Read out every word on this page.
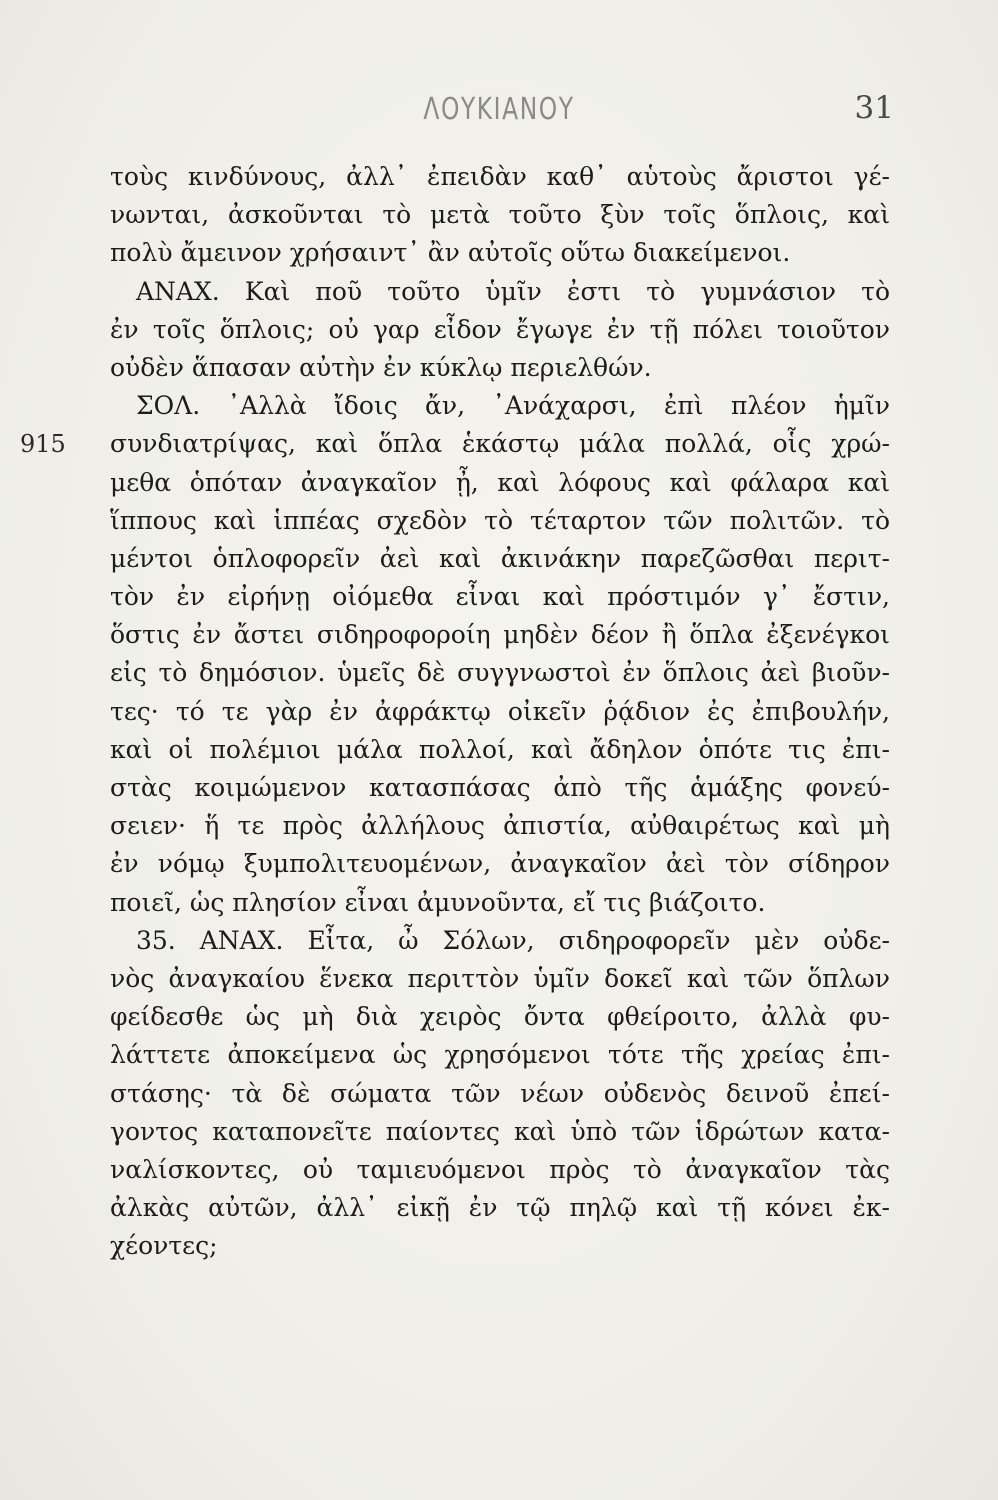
ΛΟΥΚΙΑΝΟΥ	31
τοὺς κινδύνους, ἀλλ᾽ ἐπειδὰν καθ᾽ αὑτοὺς ἄριστοι γέ-
νωνται, ἀσκοῦνται τὸ μετὰ τοῦτο ξὺν τοῖς ὅπλοις, καὶ
πολὺ ἄμεινον χρήσαιντ᾽ ἂν αὐτοῖς οὕτω διακείμενοι.
ΑΝΑΧ. Καὶ ποῦ τοῦτο ὑμῖν ἐστι τὸ γυμνάσιον τὸ
ἐν τοῖς ὅπλοις; οὐ γαρ εἶδον ἔγωγε ἐν τῇ πόλει τοιοῦτον
οὐδὲν ἅπασαν αὐτὴν ἐν κύκλῳ περιελθών.
ΣΟΛ. ᾿Αλλὰ ἴδοις ἄν, ᾿Ανάχαρσι, ἐπὶ πλέον ἡμῖν
915 συνδιατρίψας, καὶ ὅπλα ἑκάστῳ μάλα πολλά, οἷς χρώ-
μεθα ὁπόταν ἀναγκαῖον ᾖ, καὶ λόφους καὶ φάλαρα καὶ
ἵππους καὶ ἱππέας σχεδὸν τὸ τέταρτον τῶν πολιτῶν. τὸ
μέντοι ὁπλοφορεῖν ἀεὶ καὶ ἀκινάκην παρεζῶσθαι περιτ-
τὸν ἐν εἰρήνῃ οἰόμεθα εἶναι καὶ πρόστιμόν γ᾽ ἔστιν,
ὅστις ἐν ἄστει σιδηροφοροίη μηδὲν δέον ἢ ὅπλα ἐξενέγκοι
εἰς τὸ δημόσιον. ὑμεῖς δὲ συγγνωστοὶ ἐν ὅπλοις ἀεὶ βιοῦν-
τες· τό τε γὰρ ἐν ἀφράκτῳ οἰκεῖν ῥᾴδιον ἐς ἐπιβουλήν,
καὶ οἱ πολέμιοι μάλα πολλοί, καὶ ἄδηλον ὁπότε τις ἐπι-
στὰς κοιμώμενον κατασπάσας ἀπὸ τῆς ἁμάξης φονεύ-
σειεν· ἥ τε πρὸς ἀλλήλους ἀπιστία, αὐθαιρέτως καὶ μὴ
ἐν νόμῳ ξυμπολιτευομένων, ἀναγκαῖον ἀεὶ τὸν σίδηρον
ποιεῖ, ὡς πλησίον εἶναι ἀμυνοῦντα, εἴ τις βιάζοιτο.
35. ΑΝΑΧ. Εἶτα, ὦ Σόλων, σιδηροφορεῖν μὲν οὐδε-
νὸς ἀναγκαίου ἕνεκα περιττὸν ὑμῖν δοκεῖ καὶ τῶν ὅπλων
φείδεσθε ὡς μὴ διὰ χειρὸς ὄντα φθείροιτο, ἀλλὰ φυ-
λάττετε ἀποκείμενα ὡς χρησόμενοι τότε τῆς χρείας ἐπι-
στάσης· τὰ δὲ σώματα τῶν νέων οὐδενὸς δεινοῦ ἐπεί-
γοντος καταπονεῖτε παίοντες καὶ ὑπὸ τῶν ἱδρώτων κατα-
ναλίσκοντες, οὐ ταμιευόμενοι πρὸς τὸ ἀναγκαῖον τὰς
ἀλκὰς αὐτῶν, ἀλλ᾽ εἰκῇ ἐν τῷ πηλῷ καὶ τῇ κόνει ἐκ-
χέοντες;
